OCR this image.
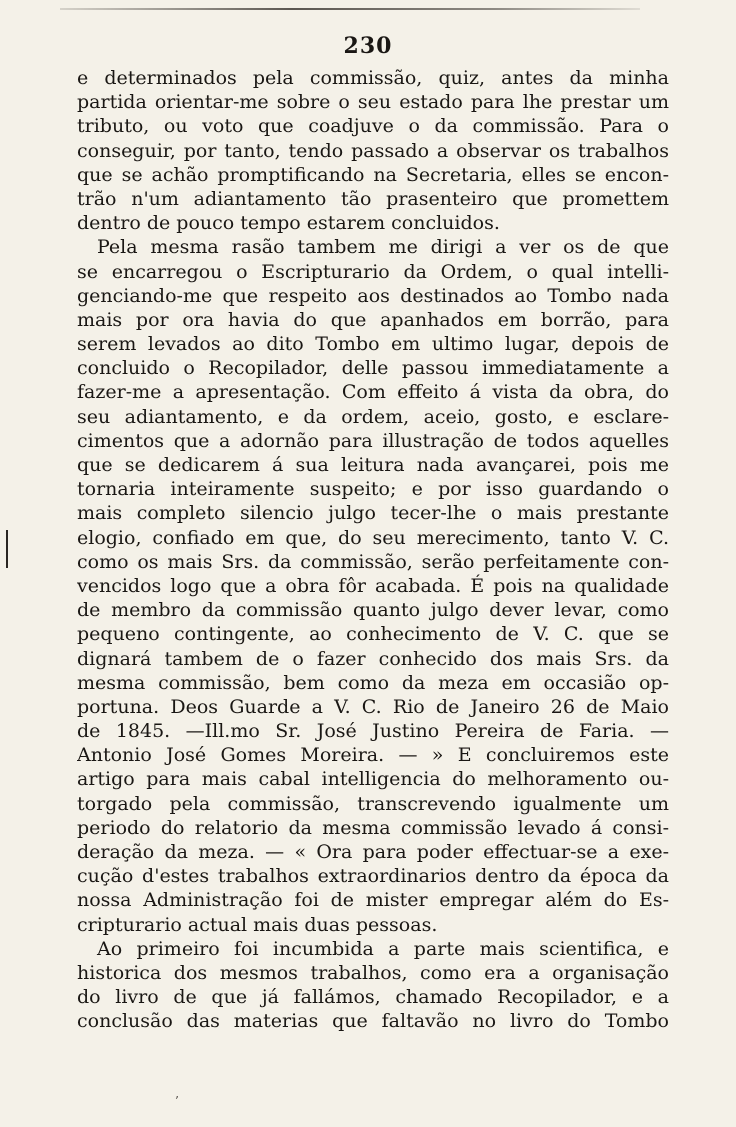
230
e determinados pela commissão, quiz, antes da minha
partida orientar-me sobre o seu estado para lhe prestar um
tributo, ou voto que coadjuve o da commissão. Para o
conseguir, por tanto, tendo passado a observar os trabalhos
que se achão promptificando na Secretaria, elles se encon-
trão n'um adiantamento tão prasenteiro que promettem
dentro de pouco tempo estarem concluidos.
Pela mesma rasão tambem me dirigi a ver os de que
se encarregou o Escripturario da Ordem, o qual intelli-
genciando-me que respeito aos destinados ao Tombo nada
mais por ora havia do que apanhados em borrão, para
serem levados ao dito Tombo em ultimo lugar, depois de
concluido o Recopilador, delle passou immediatamente a
fazer-me a apresentação. Com effeito á vista da obra, do
seu adiantamento, e da ordem, aceio, gosto, e esclare-
cimentos que a adornão para illustração de todos aquelles
que se dedicarem á sua leitura nada avançarei, pois me
tornaria inteiramente suspeito; e por isso guardando o
mais completo silencio julgo tecer-lhe o mais prestante
elogio, confiado em que, do seu merecimento, tanto V. C.
como os mais Srs. da commissão, serão perfeitamente con-
vencidos logo que a obra fôr acabada. É pois na qualidade
de membro da commissão quanto julgo dever levar, como
pequeno contingente, ao conhecimento de V. C. que se
dignará tambem de o fazer conhecido dos mais Srs. da
mesma commissão, bem como da meza em occasião op-
portuna. Deos Guarde a V. C. Rio de Janeiro 26 de Maio
de 1845. —Ill.mo Sr. José Justino Pereira de Faria. —
Antonio José Gomes Moreira. — » E concluiremos este
artigo para mais cabal intelligencia do melhoramento ou-
torgado pela commissão, transcrevendo igualmente um
periodo do relatorio da mesma commissão levado á consi-
deração da meza. — « Ora para poder effectuar-se a exe-
cução d'estes trabalhos extraordinarios dentro da época da
nossa Administração foi de mister empregar além do Es-
cripturario actual mais duas pessoas.
Ao primeiro foi incumbida a parte mais scientifica, e
historica dos mesmos trabalhos, como era a organisação
do livro de que já fallámos, chamado Recopilador, e a
conclusão das materias que faltavão no livro do Tombo
’
